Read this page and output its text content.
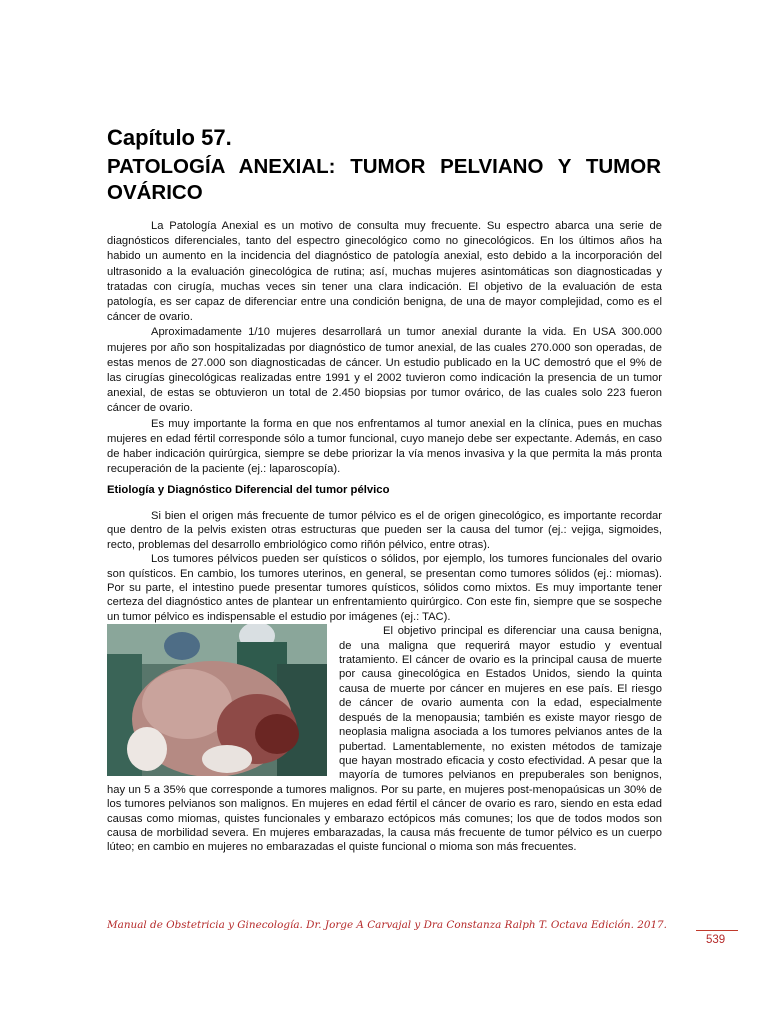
Capítulo 57.
PATOLOGÍA ANEXIAL: TUMOR PELVIANO Y TUMOR OVÁRICO

La Patología Anexial es un motivo de consulta muy frecuente. Su espectro abarca una serie de diagnósticos diferenciales, tanto del espectro ginecológico como no ginecológicos. En los últimos años ha habido un aumento en la incidencia del diagnóstico de patología anexial, esto debido a la incorporación del ultrasonido a la evaluación ginecológica de rutina; así, muchas mujeres asintomáticas son diagnosticadas y tratadas con cirugía, muchas veces sin tener una clara indicación. El objetivo de la evaluación de esta patología, es ser capaz de diferenciar entre una condición benigna, de una de mayor complejidad, como es el cáncer de ovario.

Aproximadamente 1/10 mujeres desarrollará un tumor anexial durante la vida. En USA 300.000 mujeres por año son hospitalizadas por diagnóstico de tumor anexial, de las cuales 270.000 son operadas, de estas menos de 27.000 son diagnosticadas de cáncer. Un estudio publicado en la UC demostró que el 9% de las cirugías ginecológicas realizadas entre 1991 y el 2002 tuvieron como indicación la presencia de un tumor anexial, de estas se obtuvieron un total de 2.450 biopsias por tumor ovárico, de las cuales solo 223 fueron cáncer de ovario.

Es muy importante la forma en que nos enfrentamos al tumor anexial en la clínica, pues en muchas mujeres en edad fértil corresponde sólo a tumor funcional, cuyo manejo debe ser expectante. Además, en caso de haber indicación quirúrgica, siempre se debe priorizar la vía menos invasiva y la que permita la más pronta recuperación de la paciente (ej.: laparoscopía).

Etiología y Diagnóstico Diferencial del tumor pélvico

Si bien el origen más frecuente de tumor pélvico es el de origen ginecológico, es importante recordar que dentro de la pelvis existen otras estructuras que pueden ser la causa del tumor (ej.: vejiga, sigmoides, recto, problemas del desarrollo embriológico como riñón pélvico, entre otras).

Los tumores pélvicos pueden ser quísticos o sólidos, por ejemplo, los tumores funcionales del ovario son quísticos. En cambio, los tumores uterinos, en general, se presentan como tumores sólidos (ej.: miomas). Por su parte, el intestino puede presentar tumores quísticos, sólidos como mixtos. Es muy importante tener certeza del diagnóstico antes de plantear un enfrentamiento quirúrgico. Con este fin, siempre que se sospeche un tumor pélvico es indispensable el estudio por imágenes (ej.: TAC).

El objetivo principal es diferenciar una causa benigna, de una maligna que requerirá mayor estudio y eventual tratamiento. El cáncer de ovario es la principal causa de muerte por causa ginecológica en Estados Unidos, siendo la quinta causa de muerte por cáncer en mujeres en ese país. El riesgo de cáncer de ovario aumenta con la edad, especialmente después de la menopausia; también es existe mayor riesgo de neoplasia maligna asociada a los tumores pelvianos antes de la pubertad. Lamentablemente, no existen métodos de tamizaje que hayan mostrado eficacia y costo efectividad. A pesar que la mayoría de tumores pelvianos en prepuberales son benignos, hay un 5 a 35% que corresponde a tumores malignos. Por su parte, en mujeres post-menopaúsicas un 30% de los tumores pelvianos son malignos. En mujeres en edad fértil el cáncer de ovario es raro, siendo en esta edad causas como miomas, quistes funcionales y embarazo ectópicos más comunes; los que de todos modos son causa de morbilidad severa. En mujeres embarazadas, la causa más frecuente de tumor pélvico es un cuerpo lúteo; en cambio en mujeres no embarazadas el quiste funcional o mioma son más frecuentes.

Manual de Obstetricia y Ginecología. Dr. Jorge A Carvajal y Dra Constanza Ralph T. Octava Edición. 2017.
539
